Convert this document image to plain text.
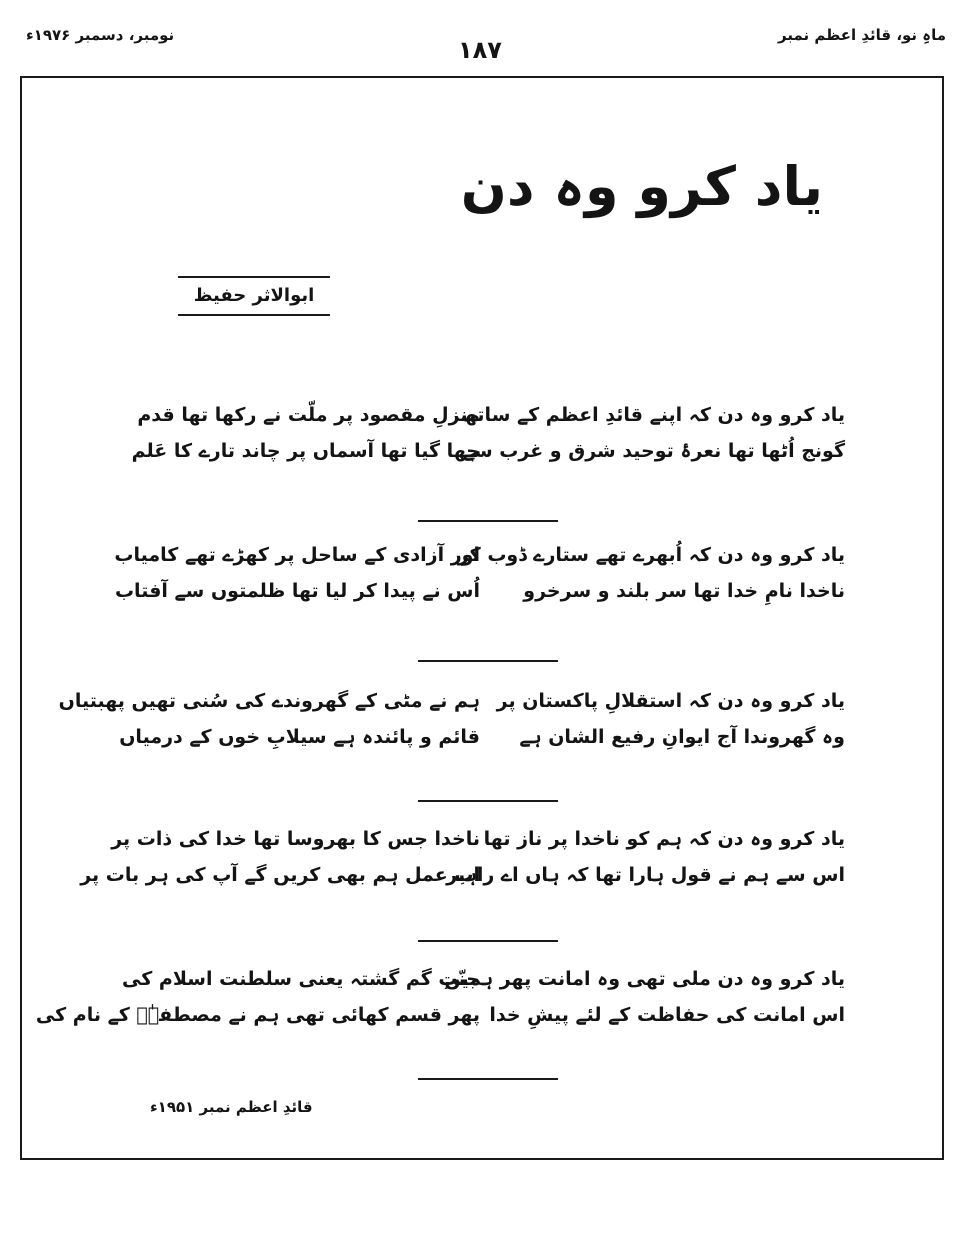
ماہِ نو، قائدِ اعظم نمبر
۱۸۷
نومبر، دسمبر ۱۹۷۶ء
یاد کرو وہ دن
ابوالاثر حفیظ
یاد کرو وہ دن کہ اپنے قائدِ اعظم کے ساتھ
منزلِ مقصود پر ملّت نے رکھا تھا قدم
گونج اُٹھا تھا نعرۂ توحید شرق و غرب سے
چھا گیا تھا آسماں پر چاند تارے کا عَلم
یاد کرو وہ دن کہ اُبھرے تھے ستارے ڈوب کر
اور آزادی کے ساحل پر کھڑے تھے کامیاب
ناخدا نامِ خدا تھا سر بلند و سرخرو
اُس نے پیدا کر لیا تھا ظلمتوں سے آفتاب
یاد کرو وہ دن کہ استقلالِ پاکستان پر
ہم نے مٹی کے گھروندے کی سُنی تھیں پھبتیاں
وہ گھروندا آج ایوانِ رفیع الشان ہے
قائم و پائندہ ہے سیلابِ خوں کے درمیاں
یاد کرو وہ دن کہ ہم کو ناخدا پر ناز تھا
ناخدا جس کا بھروسا تھا خدا کی ذات پر
اس سے ہم نے قول ہارا تھا کہ ہاں اے راہبر
اب عمل ہم بھی کریں گے آپ کی ہر بات پر
یاد کرو وہ دن ملی تھی وہ امانت پھر ہمیں
جنّتِ گم گشتہ یعنی سلطنت اسلام کی
اس امانت کی حفاظت کے لئے پیشِ خدا
پھر قسم کھائی تھی ہم نے مصطفےٰؐ کے نام کی
قائدِ اعظم نمبر ۱۹۵۱ء
